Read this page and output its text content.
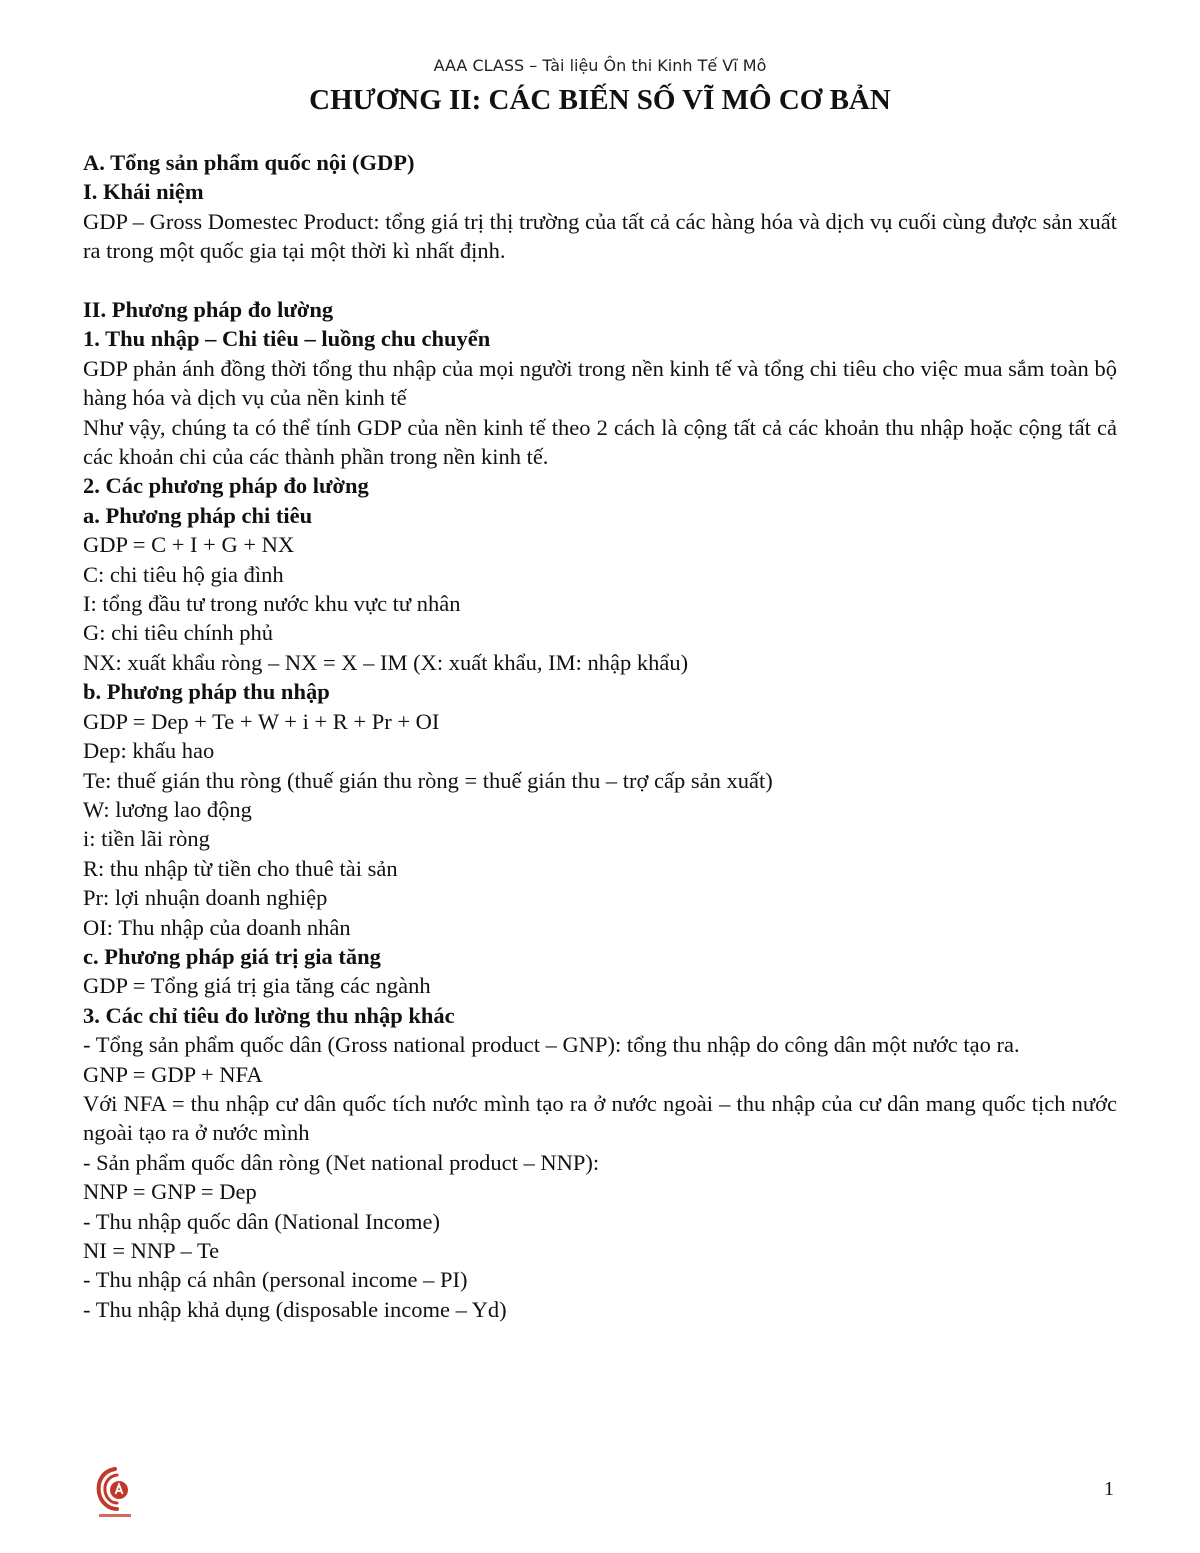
AAA CLASS – Tài liệu Ôn thi Kinh Tế Vĩ Mô
CHƯƠNG II: CÁC BIẾN SỐ VĨ MÔ CƠ BẢN

A. Tổng sản phẩm quốc nội (GDP)

I. Khái niệm

GDP – Gross Domestec Product: tổng giá trị thị trường của tất cả các hàng hóa và dịch vụ cuối cùng được sản xuất ra trong một quốc gia tại một thời kì nhất định.

II. Phương pháp đo lường

1. Thu nhập – Chi tiêu – luồng chu chuyển

GDP phản ánh đồng thời tổng thu nhập của mọi người trong nền kinh tế và tổng chi tiêu cho việc mua sắm toàn bộ hàng hóa và dịch vụ của nền kinh tế

Như vậy, chúng ta có thể tính GDP của nền kinh tế theo 2 cách là cộng tất cả các khoản thu nhập hoặc cộng tất cả các khoản chi của các thành phần trong nền kinh tế.

2. Các phương pháp đo lường

a. Phương pháp chi tiêu

GDP = C + I + G + NX

C: chi tiêu hộ gia đình

I: tổng đầu tư trong nước khu vực tư nhân

G: chi tiêu chính phủ

NX: xuất khẩu ròng – NX = X – IM (X: xuất khẩu, IM: nhập khẩu)

b. Phương pháp thu nhập

GDP = Dep + Te + W + i + R + Pr + OI

Dep: khấu hao

Te: thuế gián thu ròng (thuế gián thu ròng = thuế gián thu – trợ cấp sản xuất)

W: lương lao động

i: tiền lãi ròng

R: thu nhập từ tiền cho thuê tài sản

Pr: lợi nhuận doanh nghiệp

OI: Thu nhập của doanh nhân

c. Phương pháp giá trị gia tăng

GDP = Tổng giá trị gia tăng các ngành

3. Các chỉ tiêu đo lường thu nhập khác

- Tổng sản phẩm quốc dân (Gross national product – GNP): tổng thu nhập do công dân một nước tạo ra.

GNP = GDP + NFA

Với NFA = thu nhập cư dân quốc tích nước mình tạo ra ở nước ngoài – thu nhập của cư dân mang quốc tịch nước ngoài tạo ra ở nước mình

- Sản phẩm quốc dân ròng (Net national product – NNP):

NNP = GNP = Dep

- Thu nhập quốc dân (National Income)

NI = NNP – Te

- Thu nhập cá nhân (personal income – PI)

- Thu nhập khả dụng (disposable income – Yd)

1
